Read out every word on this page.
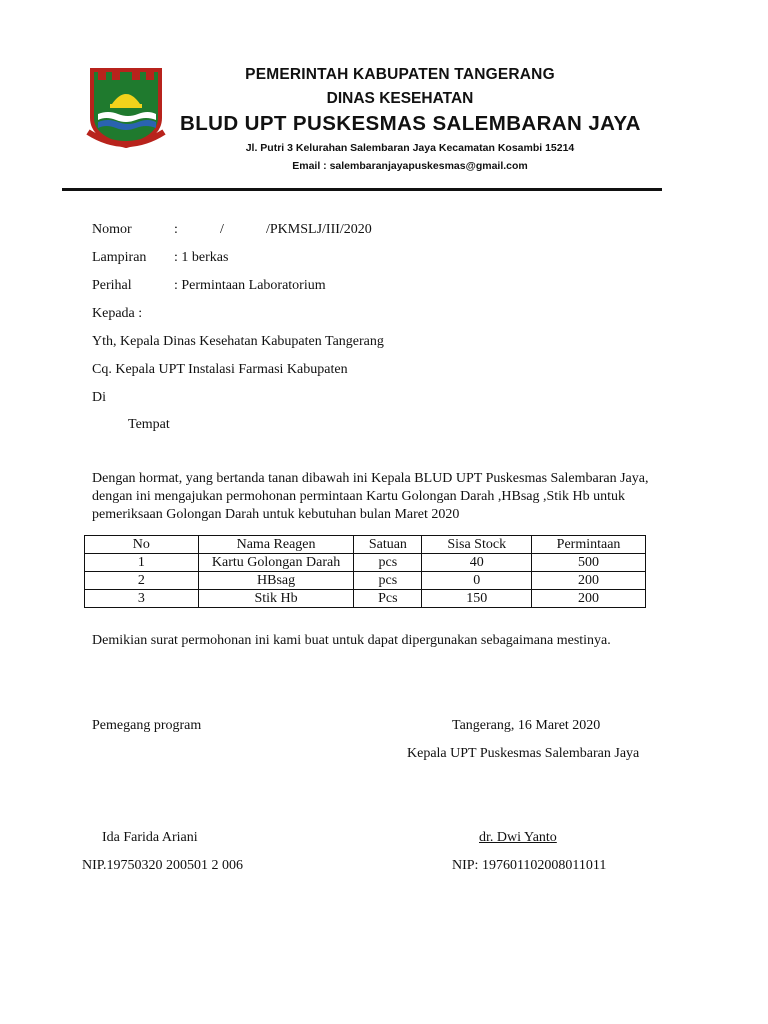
PEMERINTAH KABUPATEN TANGERANG
DINAS KESEHATAN
BLUD UPT PUSKESMAS SALEMBARAN JAYA
Jl. Putri 3 Kelurahan Salembaran Jaya Kecamatan Kosambi 15214
Email : salembaranjayapuskesmas@gmail.com
Nomor	:	/	/PKMSLJ/III/2020
Lampiran : 1 berkas
Perihal	: Permintaan Laboratorium
Kepada :
Yth, Kepala Dinas Kesehatan Kabupaten Tangerang
Cq. Kepala UPT Instalasi Farmasi Kabupaten
Di
Tempat
Dengan hormat, yang bertanda tanan dibawah ini Kepala BLUD UPT Puskesmas Salembaran Jaya, dengan ini mengajukan permohonan permintaan Kartu Golongan Darah ,HBsag ,Stik Hb untuk pemeriksaan Golongan Darah untuk kebutuhan bulan Maret 2020
No	Nama Reagen	Satuan	Sisa Stock	Permintaan
1	Kartu Golongan Darah	pcs	40	500
2	HBsag	pcs	0	200
3	Stik Hb	Pcs	150	200
Demikian surat permohonan ini kami buat untuk dapat dipergunakan sebagaimana mestinya.
Pemegang program	Tangerang, 16 Maret 2020
Kepala UPT Puskesmas Salembaran Jaya
Ida Farida Ariani	dr. Dwi Yanto
NIP.19750320 200501 2 006	NIP: 197601102008011011
